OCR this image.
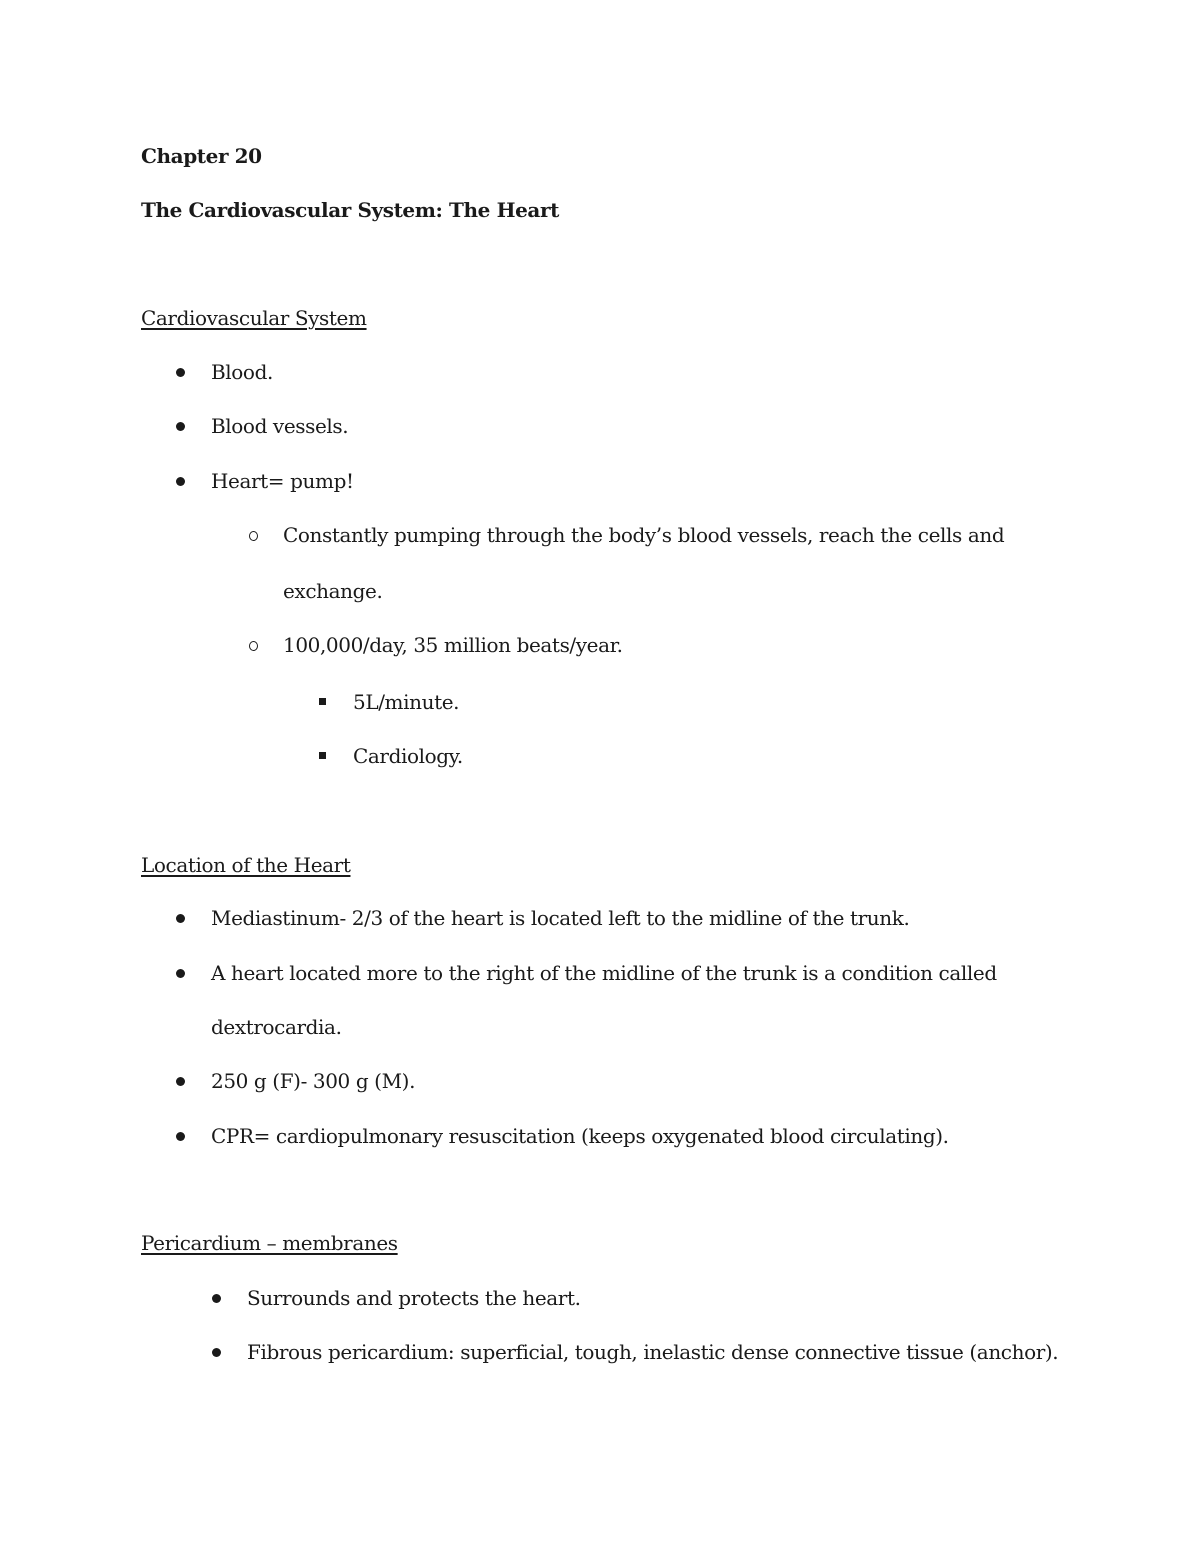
Chapter 20
The Cardiovascular System: The Heart
Cardiovascular System
Blood.
Blood vessels.
Heart= pump!
Constantly pumping through the body’s blood vessels, reach the cells and
exchange.
100,000/day, 35 million beats/year.
5L/minute.
Cardiology.
Location of the Heart
Mediastinum- 2/3 of the heart is located left to the midline of the trunk.
A heart located more to the right of the midline of the trunk is a condition called
dextrocardia.
250 g (F)- 300 g (M).
CPR= cardiopulmonary resuscitation (keeps oxygenated blood circulating).
Pericardium – membranes
Surrounds and protects the heart.
Fibrous pericardium: superficial, tough, inelastic dense connective tissue (anchor).
